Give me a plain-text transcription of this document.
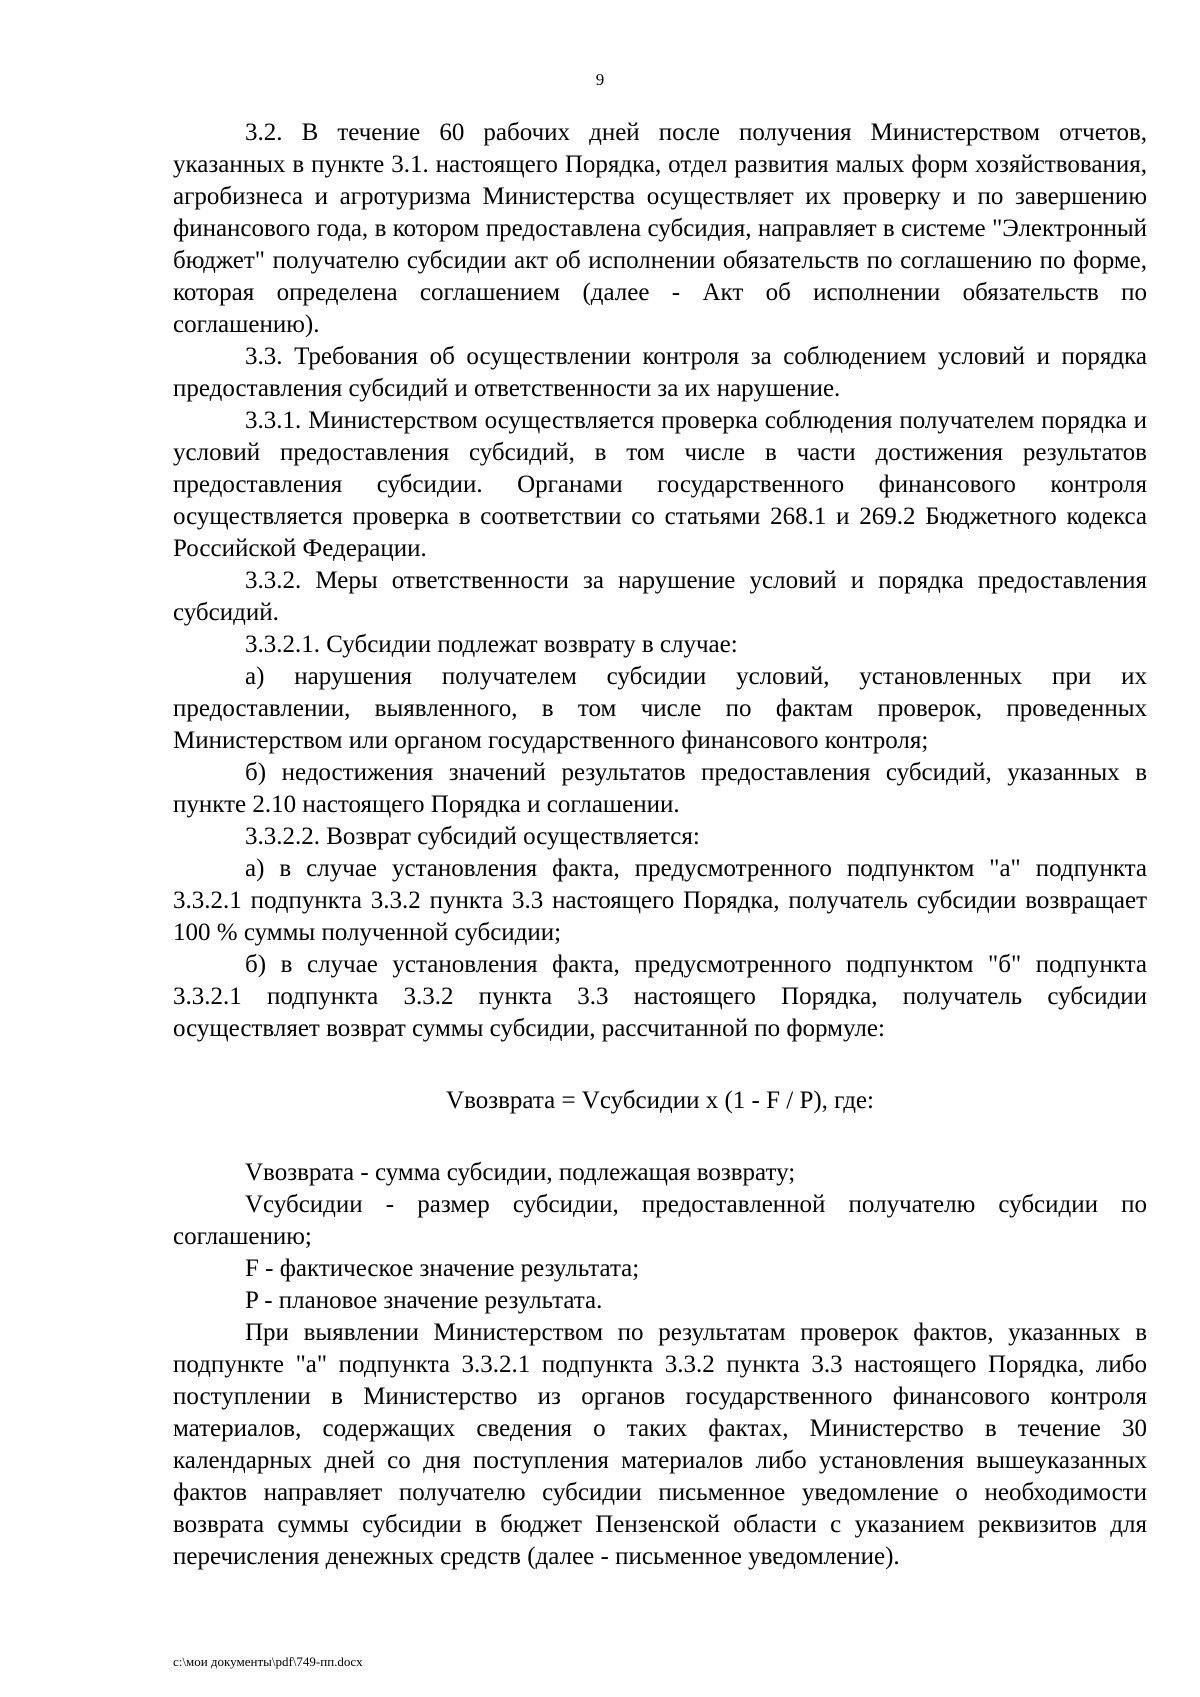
9

3.2. В течение 60 рабочих дней после получения Министерством отчетов, указанных в пункте 3.1. настоящего Порядка, отдел развития малых форм хозяйствования, агробизнеса и агротуризма Министерства осуществляет их проверку и по завершению финансового года, в котором предоставлена субсидия, направляет в системе "Электронный бюджет" получателю субсидии акт об исполнении обязательств по соглашению по форме, которая определена соглашением (далее - Акт об исполнении обязательств по соглашению).

3.3. Требования об осуществлении контроля за соблюдением условий и порядка предоставления субсидий и ответственности за их нарушение.

3.3.1. Министерством осуществляется проверка соблюдения получателем порядка и условий предоставления субсидий, в том числе в части достижения результатов предоставления субсидии. Органами государственного финансового контроля осуществляется проверка в соответствии со статьями 268.1 и 269.2 Бюджетного кодекса Российской Федерации.

3.3.2. Меры ответственности за нарушение условий и порядка предоставления субсидий.

3.3.2.1. Субсидии подлежат возврату в случае:

а) нарушения получателем субсидии условий, установленных при их предоставлении, выявленного, в том числе по фактам проверок, проведенных Министерством или органом государственного финансового контроля;

б) недостижения значений результатов предоставления субсидий, указанных в пункте 2.10 настоящего Порядка и соглашении.

3.3.2.2. Возврат субсидий осуществляется:

а) в случае установления факта, предусмотренного подпунктом "а" подпункта 3.3.2.1 подпункта 3.3.2 пункта 3.3 настоящего Порядка, получатель субсидии возвращает 100 % суммы полученной субсидии;

б) в случае установления факта, предусмотренного подпунктом "б" подпункта 3.3.2.1 подпункта 3.3.2 пункта 3.3 настоящего Порядка, получатель субсидии осуществляет возврат суммы субсидии, рассчитанной по формуле:

Vвозврата = Vсубсидии x (1 - F / P), где:

Vвозврата - сумма субсидии, подлежащая возврату;

Vсубсидии - размер субсидии, предоставленной получателю субсидии по соглашению;

F - фактическое значение результата;

P - плановое значение результата.

При выявлении Министерством по результатам проверок фактов, указанных в подпункте "а" подпункта 3.3.2.1 подпункта 3.3.2 пункта 3.3 настоящего Порядка, либо поступлении в Министерство из органов государственного финансового контроля материалов, содержащих сведения о таких фактах, Министерство в течение 30 календарных дней со дня поступления материалов либо установления вышеуказанных фактов направляет получателю субсидии письменное уведомление о необходимости возврата суммы субсидии в бюджет Пензенской области с указанием реквизитов для перечисления денежных средств (далее - письменное уведомление).

c:\мои документы\pdf\749-пп.docx
